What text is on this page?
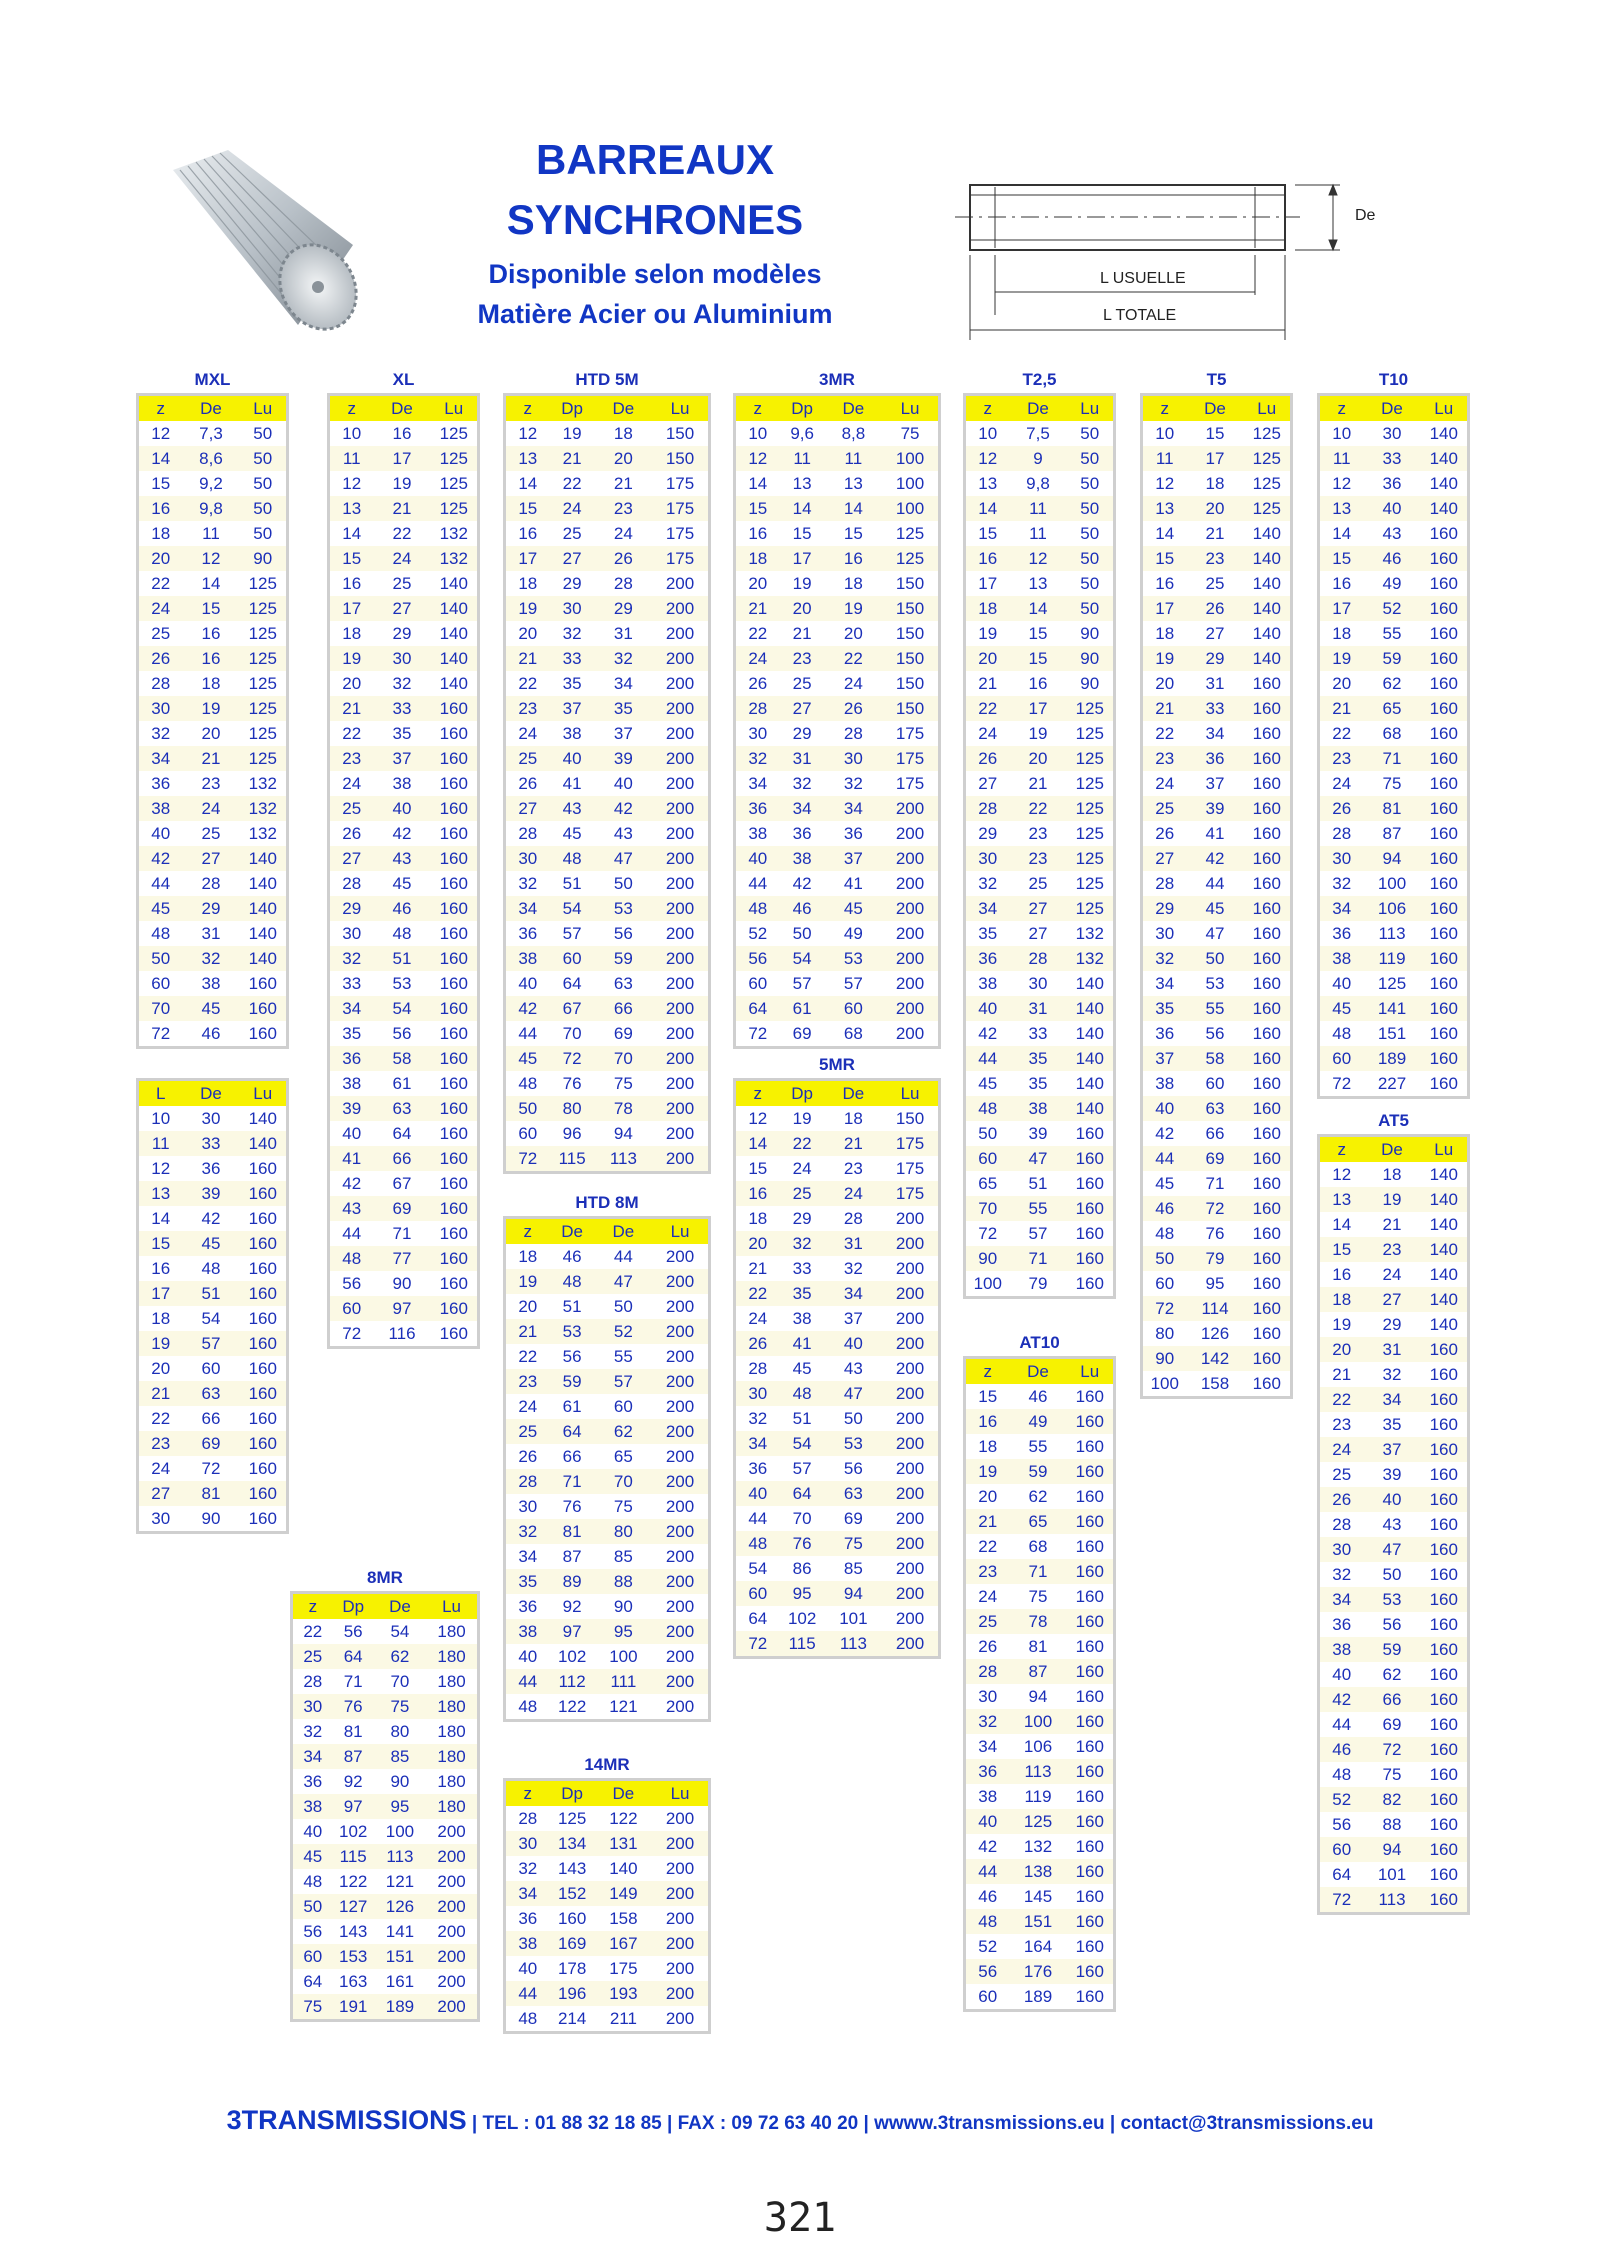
BARREAUX
SYNCHRONES
Disponible selon modèles
Matière Acier ou Aluminium
De
L USUELLE
L TOTALE
MXL
z	De	Lu
12	7,3	50
14	8,6	50
15	9,2	50
16	9,8	50
18	11	50
20	12	90
22	14	125
24	15	125
25	16	125
26	16	125
28	18	125
30	19	125
32	20	125
34	21	125
36	23	132
38	24	132
40	25	132
42	27	140
44	28	140
45	29	140
48	31	140
50	32	140
60	38	160
70	45	160
72	46	160
L	De	Lu
10	30	140
11	33	140
12	36	160
13	39	160
14	42	160
15	45	160
16	48	160
17	51	160
18	54	160
19	57	160
20	60	160
21	63	160
22	66	160
23	69	160
24	72	160
27	81	160
30	90	160
XL
z	De	Lu
10	16	125
11	17	125
12	19	125
13	21	125
14	22	132
15	24	132
16	25	140
17	27	140
18	29	140
19	30	140
20	32	140
21	33	160
22	35	160
23	37	160
24	38	160
25	40	160
26	42	160
27	43	160
28	45	160
29	46	160
30	48	160
32	51	160
33	53	160
34	54	160
35	56	160
36	58	160
38	61	160
39	63	160
40	64	160
41	66	160
42	67	160
43	69	160
44	71	160
48	77	160
56	90	160
60	97	160
72	116	160
HTD 5M
z	Dp	De	Lu
12	19	18	150
13	21	20	150
14	22	21	175
15	24	23	175
16	25	24	175
17	27	26	175
18	29	28	200
19	30	29	200
20	32	31	200
21	33	32	200
22	35	34	200
23	37	35	200
24	38	37	200
25	40	39	200
26	41	40	200
27	43	42	200
28	45	43	200
30	48	47	200
32	51	50	200
34	54	53	200
36	57	56	200
38	60	59	200
40	64	63	200
42	67	66	200
44	70	69	200
45	72	70	200
48	76	75	200
50	80	78	200
60	96	94	200
72	115	113	200
HTD 8M
z	De	De	Lu
18	46	44	200
19	48	47	200
20	51	50	200
21	53	52	200
22	56	55	200
23	59	57	200
24	61	60	200
25	64	62	200
26	66	65	200
28	71	70	200
30	76	75	200
32	81	80	200
34	87	85	200
35	89	88	200
36	92	90	200
38	97	95	200
40	102	100	200
44	112	111	200
48	122	121	200
14MR
z	Dp	De	Lu
28	125	122	200
30	134	131	200
32	143	140	200
34	152	149	200
36	160	158	200
38	169	167	200
40	178	175	200
44	196	193	200
48	214	211	200
8MR
z	Dp	De	Lu
22	56	54	180
25	64	62	180
28	71	70	180
30	76	75	180
32	81	80	180
34	87	85	180
36	92	90	180
38	97	95	180
40	102	100	200
45	115	113	200
48	122	121	200
50	127	126	200
56	143	141	200
60	153	151	200
64	163	161	200
75	191	189	200
3MR
z	Dp	De	Lu
10	9,6	8,8	75
12	11	11	100
14	13	13	100
15	14	14	100
16	15	15	125
18	17	16	125
20	19	18	150
21	20	19	150
22	21	20	150
24	23	22	150
26	25	24	150
28	27	26	150
30	29	28	175
32	31	30	175
34	32	32	175
36	34	34	200
38	36	36	200
40	38	37	200
44	42	41	200
48	46	45	200
52	50	49	200
56	54	53	200
60	57	57	200
64	61	60	200
72	69	68	200
5MR
z	Dp	De	Lu
12	19	18	150
14	22	21	175
15	24	23	175
16	25	24	175
18	29	28	200
20	32	31	200
21	33	32	200
22	35	34	200
24	38	37	200
26	41	40	200
28	45	43	200
30	48	47	200
32	51	50	200
34	54	53	200
36	57	56	200
40	64	63	200
44	70	69	200
48	76	75	200
54	86	85	200
60	95	94	200
64	102	101	200
72	115	113	200
T2,5
z	De	Lu
10	7,5	50
12	9	50
13	9,8	50
14	11	50
15	11	50
16	12	50
17	13	50
18	14	50
19	15	90
20	15	90
21	16	90
22	17	125
24	19	125
26	20	125
27	21	125
28	22	125
29	23	125
30	23	125
32	25	125
34	27	125
35	27	132
36	28	132
38	30	140
40	31	140
42	33	140
44	35	140
45	35	140
48	38	140
50	39	160
60	47	160
65	51	160
70	55	160
72	57	160
90	71	160
100	79	160
AT10
z	De	Lu
15	46	160
16	49	160
18	55	160
19	59	160
20	62	160
21	65	160
22	68	160
23	71	160
24	75	160
25	78	160
26	81	160
28	87	160
30	94	160
32	100	160
34	106	160
36	113	160
38	119	160
40	125	160
42	132	160
44	138	160
46	145	160
48	151	160
52	164	160
56	176	160
60	189	160
T5
z	De	Lu
10	15	125
11	17	125
12	18	125
13	20	125
14	21	140
15	23	140
16	25	140
17	26	140
18	27	140
19	29	140
20	31	160
21	33	160
22	34	160
23	36	160
24	37	160
25	39	160
26	41	160
27	42	160
28	44	160
29	45	160
30	47	160
32	50	160
34	53	160
35	55	160
36	56	160
37	58	160
38	60	160
40	63	160
42	66	160
44	69	160
45	71	160
46	72	160
48	76	160
50	79	160
60	95	160
72	114	160
80	126	160
90	142	160
100	158	160
T10
z	De	Lu
10	30	140
11	33	140
12	36	140
13	40	140
14	43	160
15	46	160
16	49	160
17	52	160
18	55	160
19	59	160
20	62	160
21	65	160
22	68	160
23	71	160
24	75	160
26	81	160
28	87	160
30	94	160
32	100	160
34	106	160
36	113	160
38	119	160
40	125	160
45	141	160
48	151	160
60	189	160
72	227	160
AT5
z	De	Lu
12	18	140
13	19	140
14	21	140
15	23	140
16	24	140
18	27	140
19	29	140
20	31	160
21	32	160
22	34	160
23	35	160
24	37	160
25	39	160
26	40	160
28	43	160
30	47	160
32	50	160
34	53	160
36	56	160
38	59	160
40	62	160
42	66	160
44	69	160
46	72	160
48	75	160
52	82	160
56	88	160
60	94	160
64	101	160
72	113	160
3TRANSMISSIONS | TEL : 01 88 32 18 85 | FAX : 09 72 63 40 20 | wwww.3transmissions.eu | contact@3transmissions.eu
321
